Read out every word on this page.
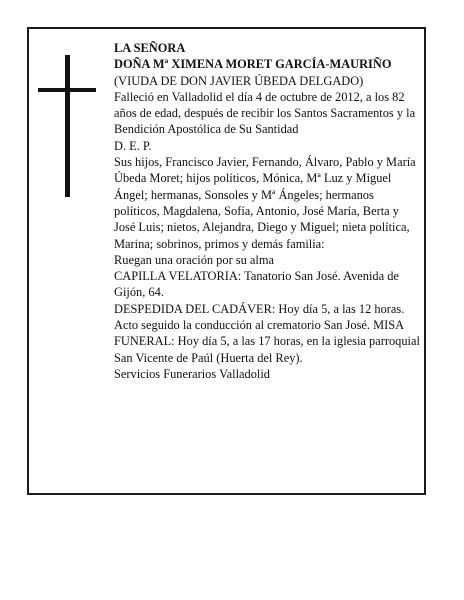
LA SEÑORA

DOÑA Mª XIMENA MORET GARCÍA-MAURIÑO

(VIUDA DE DON JAVIER ÚBEDA DELGADO)

Falleció en Valladolid el día 4 de octubre de 2012, a los 82 años de edad, después de recibir los Santos Sacramentos y la Bendición Apostólica de Su Santidad

D. E. P.

Sus hijos, Francisco Javier, Fernando, Álvaro, Pablo y María Úbeda Moret; hijos políticos, Mónica, Mª Luz y Miguel Ángel; hermanas, Sonsoles y Mª Ángeles; hermanos políticos, Magdalena, Sofía, Antonio, José María, Berta y José Luis; nietos, Alejandra, Diego y Miguel; nieta política, Marina; sobrinos, primos y demás familia:

Ruegan una oración por su alma

CAPILLA VELATORIA: Tanatorio San José. Avenida de Gijón, 64.

DESPEDIDA DEL CADÁVER: Hoy día 5, a las 12 horas. Acto seguido la conducción al crematorio San José. MISA FUNERAL: Hoy día 5, a las 17 horas, en la iglesia parroquial San Vicente de Paúl (Huerta del Rey).

Servicios Funerarios Valladolid
